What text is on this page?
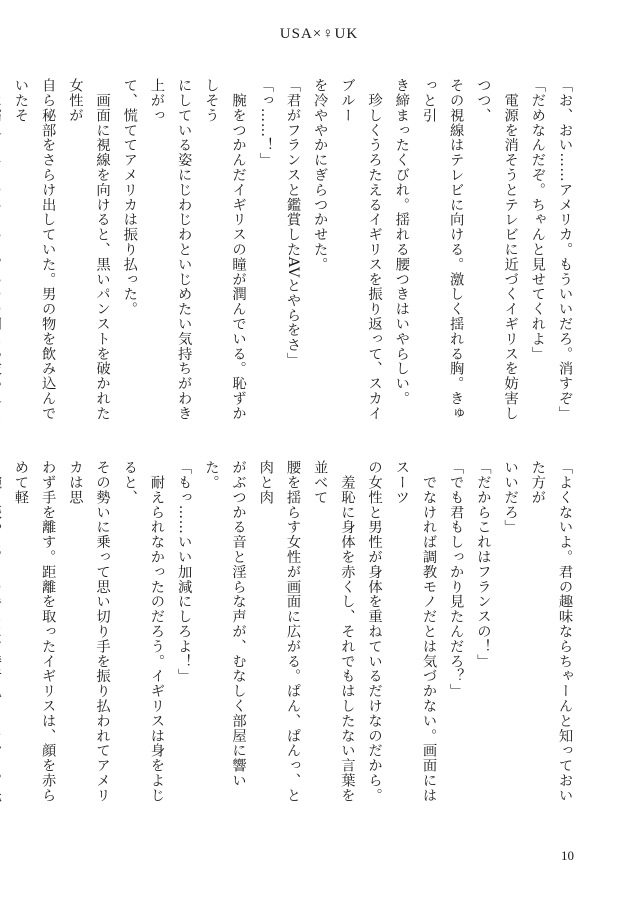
USA×♀UK

「お、おい……アメリカ。もういいだろ。消すぞ」

「だめなんだぞ。ちゃんと見せてくれよ」

　電源を消そうとテレビに近づくイギリスを妨害しつつ、

その視線はテレビに向ける。激しく揺れる胸。きゅっと引

き締まったくびれ。揺れる腰つきはいやらしい。

　珍しくうろたえるイギリスを振り返って、スカイブルー

を冷ややかにぎらつかせた。

「君がフランスと鑑賞したAVとやらをさ」

「っ……！」

　腕をつかんだイギリスの瞳が潤んでいる。恥ずかしそう

にしている姿にじわじわといじめたい気持ちがわき上がっ

て、慌ててアメリカは振り払った。

　画面に視線を向けると、黒いパンストを破かれた女性が

自ら秘部をさらけ出していた。男の物を飲み込んでいたそ

「よくないよ。君の趣味ならちゃーんと知っておいた方が

いいだろ」

「だからこれはフランスの！」

「でも君もしっかり見たんだろ？」

　でなければ調教モノだとは気づかない。画面にはスーツ

の女性と男性が身体を重ねているだけなのだから。

　羞恥に身体を赤くし、それでもはしたない言葉を並べて

腰を揺らす女性が画面に広がる。ぱん、ぱんっ、と肉と肉

がぶつかる音と淫らな声が、むなしく部屋に響いた。

「もっ……いい加減にしろよ！」

　耐えられなかったのだろう。イギリスは身をよじると、

その勢いに乗って思い切り手を振り払われてアメリカは思

わず手を離す。距離を取ったイギリスは、顔を赤らめて軽

10
